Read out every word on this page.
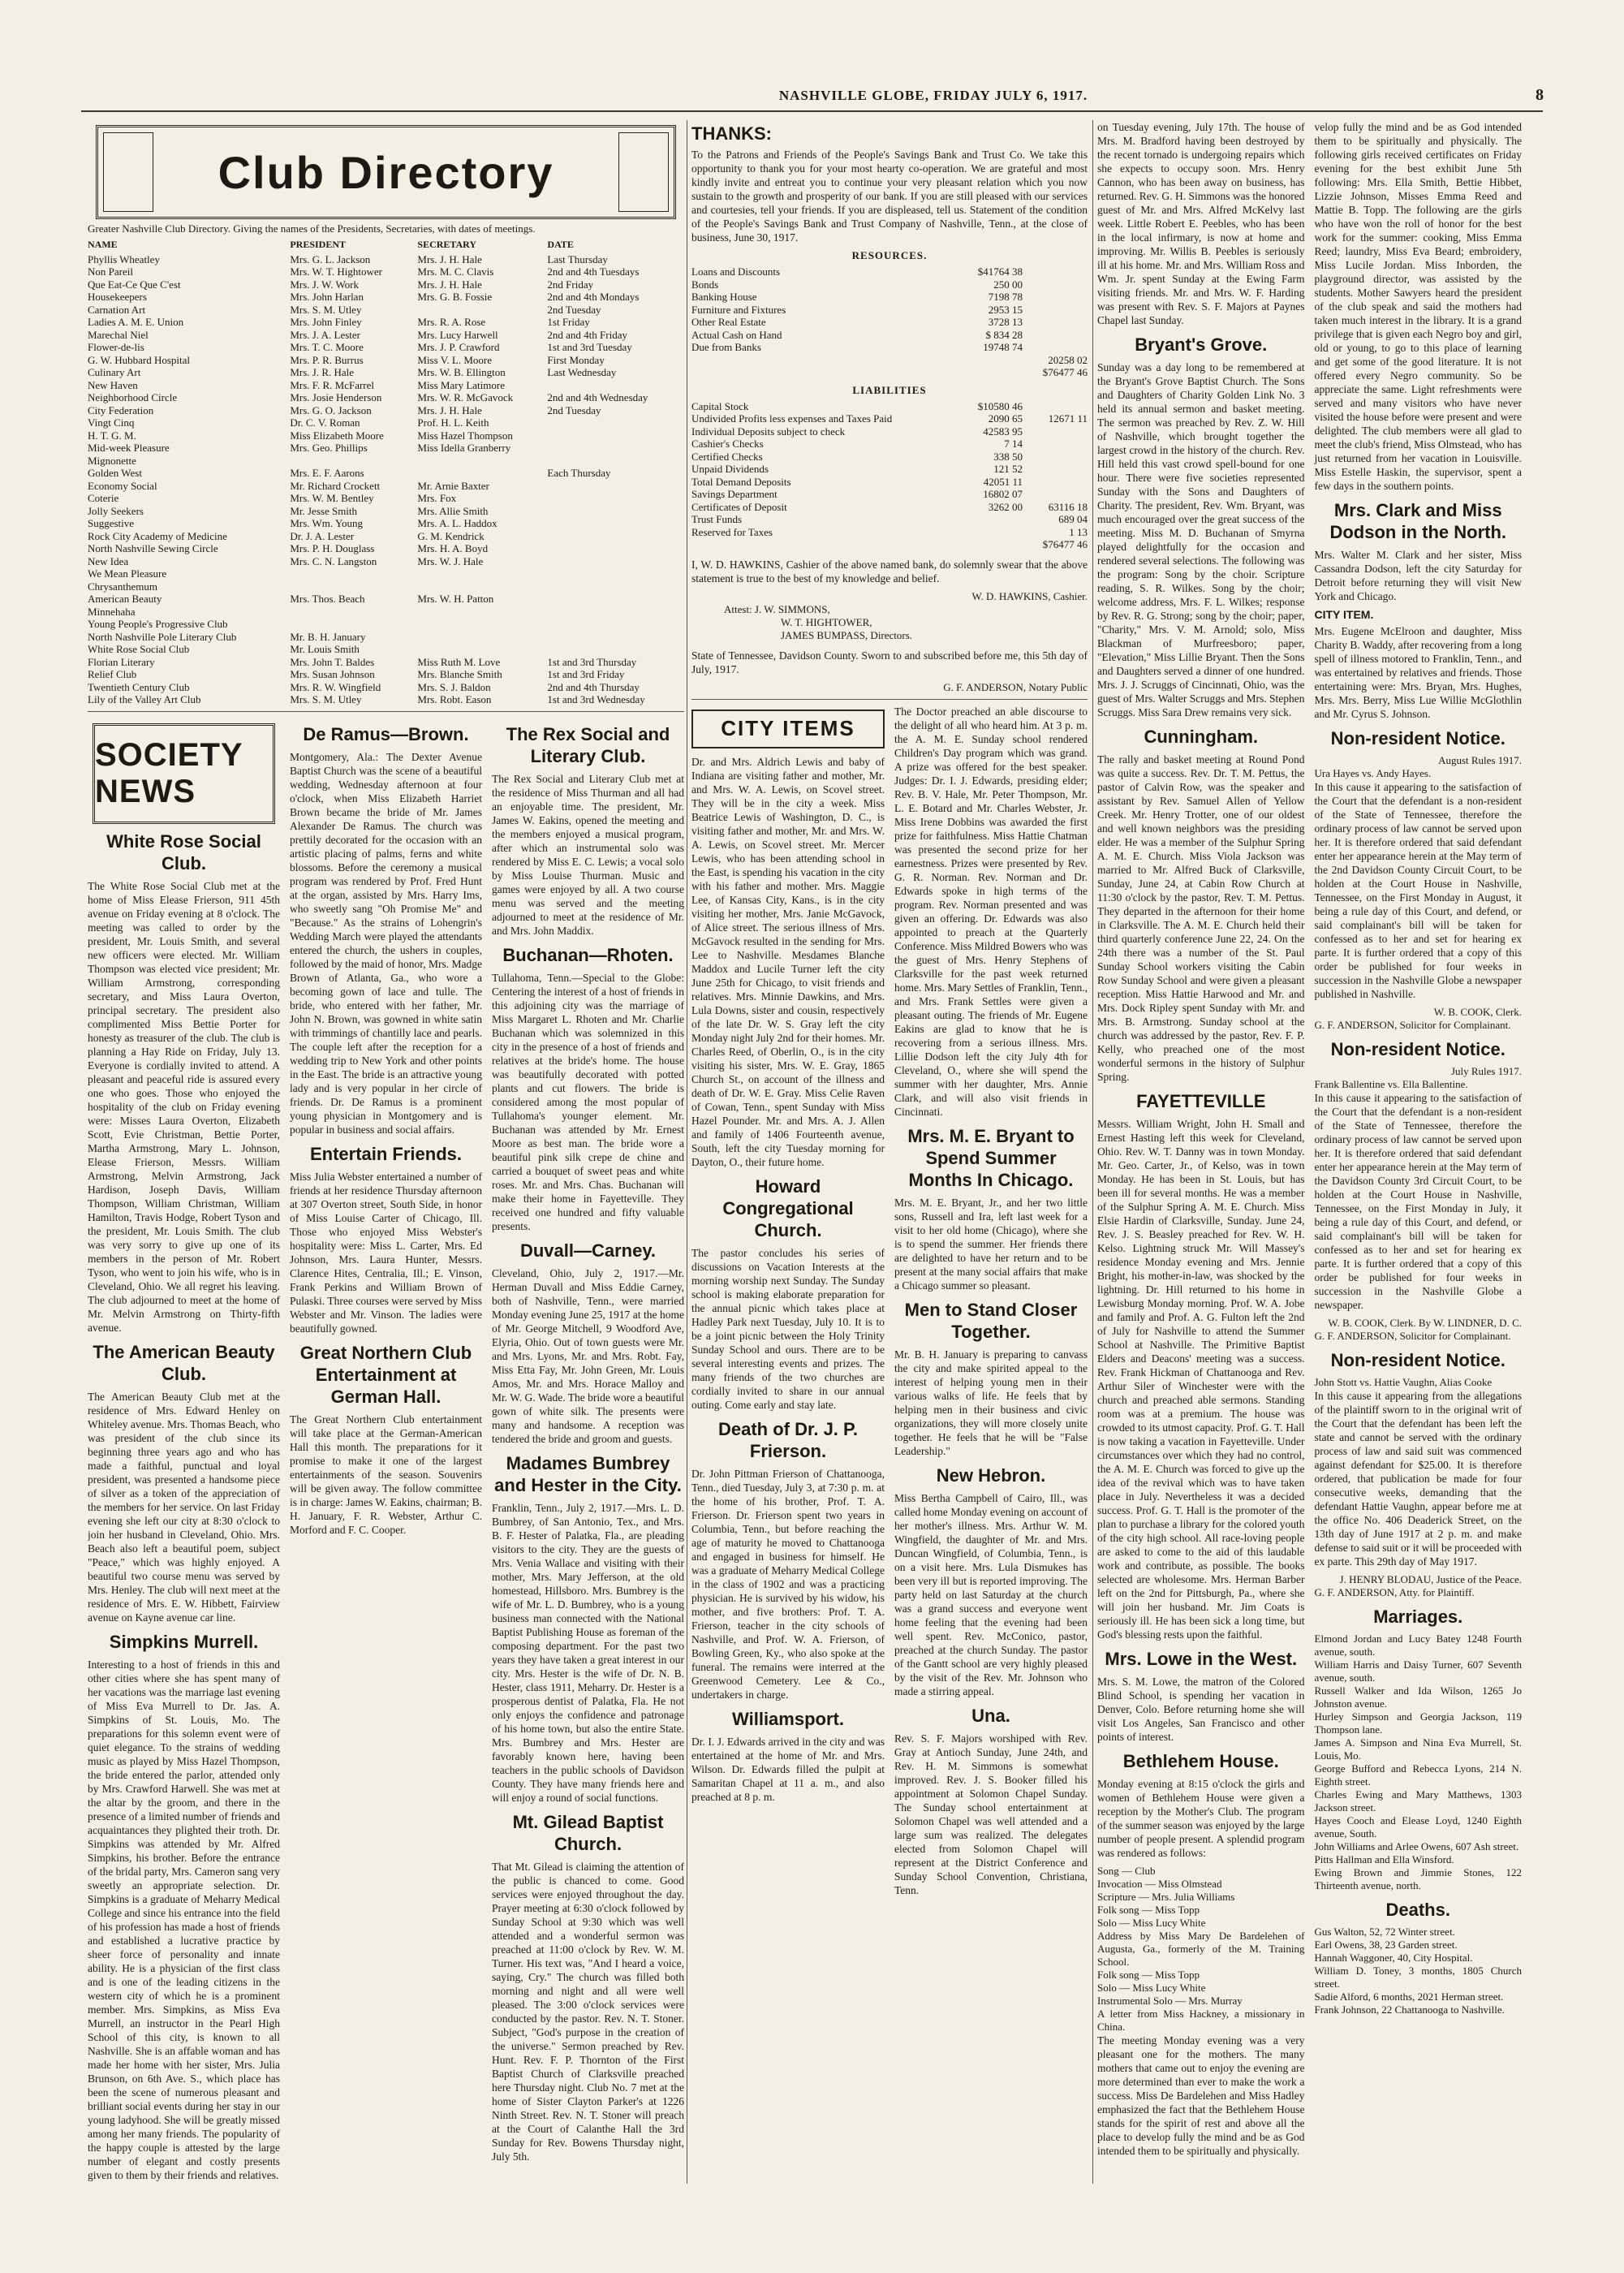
NASHVILLE GLOBE, FRIDAY JULY 6, 1917.	8
Club Directory

Greater Nashville Club Directory. Giving the names of the Presidents, Secretaries, with dates of meetings.

NAME	PRESIDENT	SECRETARY	DATE
Phyllis Wheatley	Mrs. G. L. Jackson	Mrs. J. H. Hale	Last Thursday
Non Pareil	Mrs. W. T. Hightower	Mrs. M. C. Clavis	2nd and 4th Tuesdays
Que Eat-Ce Que C'est	Mrs. J. W. Work	Mrs. J. H. Hale	2nd Friday
Housekeepers	Mrs. John Harlan	Mrs. G. B. Fossie	2nd and 4th Mondays
Carnation Art	Mrs. S. M. Utley		2nd Tuesday
Ladies A. M. E. Union	Mrs. John Finley	Mrs. R. A. Rose	1st Friday
Marechal Niel	Mrs. J. A. Lester	Mrs. Lucy Harwell	2nd and 4th Friday
Flower-de-lis	Mrs. T. C. Moore	Mrs. J. P. Crawford	1st and 3rd Tuesday
G. W. Hubbard Hospital	Mrs. P. R. Burrus	Miss V. L. Moore	First Monday
Culinary Art	Mrs. J. R. Hale	Mrs. W. B. Ellington	Last Wednesday
New Haven	Mrs. F. R. McFarrel	Miss Mary Latimore	
Neighborhood Circle	Mrs. Josie Henderson	Mrs. W. R. McGavock	2nd and 4th Wednesday
City Federation	Mrs. G. O. Jackson	Mrs. J. H. Hale	2nd Tuesday
Vingt Cinq	Dr. C. V. Roman	Prof. H. L. Keith	
H. T. G. M.	Miss Elizabeth Moore	Miss Hazel Thompson	
Mid-week Pleasure	Mrs. Geo. Phillips	Miss Idella Granberry	
Mignonette			
Golden West	Mrs. E. F. Aarons		Each Thursday
Economy Social	Mr. Richard Crockett	Mr. Arnie Baxter	
Coterie	Mrs. W. M. Bentley	Mrs. Fox	
Jolly Seekers	Mr. Jesse Smith	Mrs. Allie Smith	
Suggestive	Mrs. Wm. Young	Mrs. A. L. Haddox	
Rock City Academy of Medicine	Dr. J. A. Lester	G. M. Kendrick	
North Nashville Sewing Circle	Mrs. P. H. Douglass	Mrs. H. A. Boyd	
New Idea	Mrs. C. N. Langston	Mrs. W. J. Hale	
We Mean Pleasure			
Chrysanthemum			
American Beauty	Mrs. Thos. Beach	Mrs. W. H. Patton	
Minnehaha			
Young People's Progressive Club			
North Nashville Pole Literary Club	Mr. B. H. January		
White Rose Social Club	Mr. Louis Smith		
Florian Literary	Mrs. John T. Baldes	Miss Ruth M. Love	1st and 3rd Thursday
Relief Club	Mrs. Susan Johnson	Mrs. Blanche Smith	1st and 3rd Friday
Twentieth Century Club	Mrs. R. W. Wingfield	Mrs. S. J. Baldon	2nd and 4th Thursday
Lily of the Valley Art Club	Mrs. S. M. Utley	Mrs. Robt. Eason	1st and 3rd Wednesday
SOCIETY NEWS
White Rose Social Club.

The White Rose Social Club met at the home of Miss Elease Frierson, 911 45th avenue on Friday evening at 8 o'clock. The meeting was called to order by the president, Mr. Louis Smith, and several new officers were elected. Mr. William Thompson was elected vice president; Mr. William Armstrong, corresponding secretary, and Miss Laura Overton, principal secretary. The president also complimented Miss Bettie Porter for honesty as treasurer of the club. The club is planning a Hay Ride on Friday, July 13. Everyone is cordially invited to attend. A pleasant and peaceful ride is assured every one who goes. Those who enjoyed the hospitality of the club on Friday evening were: Misses Laura Overton, Elizabeth Scott, Evie Christman, Bettie Porter, Martha Armstrong, Mary L. Johnson, Elease Frierson, Messrs. William Armstrong, Melvin Armstrong, Jack Hardison, Joseph Davis, William Thompson, William Christman, William Hamilton, Travis Hodge, Robert Tyson and the president, Mr. Louis Smith. The club was very sorry to give up one of its members in the person of Mr. Robert Tyson, who went to join his wife, who is in Cleveland, Ohio. We all regret his leaving. The club adjourned to meet at the home of Mr. Melvin Armstrong on Thirty-fifth avenue.

The American Beauty Club.

The American Beauty Club met at the residence of Mrs. Edward Henley on Whiteley avenue. Mrs. Thomas Beach, who was president of the club since its beginning three years ago and who has made a faithful, punctual and loyal president, was presented a handsome piece of silver as a token of the appreciation of the members for her service. On last Friday evening she left our city at 8:30 o'clock to join her husband in Cleveland, Ohio. Mrs. Beach also left a beautiful poem, subject "Peace," which was highly enjoyed. A beautiful two course menu was served by Mrs. Henley. The club will next meet at the residence of Mrs. E. W. Hibbett, Fairview avenue on Kayne avenue car line.

Simpkins Murrell.

Interesting to a host of friends in this and other cities where she has spent many of her vacations was the marriage last evening of Miss Eva Murrell to Dr. Jas. A. Simpkins of St. Louis, Mo. The preparations for this solemn event were of quiet elegance. To the strains of wedding music as played by Miss Hazel Thompson, the bride entered the parlor, attended only by Mrs. Crawford Harwell. She was met at the altar by the groom, and there in the presence of a limited number of friends and acquaintances they plighted their troth. Dr. Simpkins was attended by Mr. Alfred Simpkins, his brother. Before the entrance of the bridal party, Mrs. Cameron sang very sweetly an appropriate selection. Dr. Simpkins is a graduate of Meharry Medical College and since his entrance into the field of his profession has made a host of friends and established a lucrative practice by sheer force of personality and innate ability. He is a physician of the first class and is one of the leading citizens in the western city of which he is a prominent member. Mrs. Simpkins, as Miss Eva Murrell, an instructor in the Pearl High School of this city, is known to all Nashville. She is an affable woman and has made her home with her sister, Mrs. Julia Brunson, on 6th Ave. S., which place has been the scene of numerous pleasant and brilliant social events during her stay in our young ladyhood. She will be greatly missed among her many friends. The popularity of the happy couple is attested by the large number of elegant and costly presents given to them by their friends and relatives.

De Ramus—Brown.

Montgomery, Ala.: The Dexter Avenue Baptist Church was the scene of a beautiful wedding, Wednesday afternoon at four o'clock, when Miss Elizabeth Harriet Brown became the bride of Mr. James Alexander De Ramus. The church was prettily decorated for the occasion with an artistic placing of palms, ferns and white blossoms. Before the ceremony a musical program was rendered by Prof. Fred Hunt at the organ, assisted by Mrs. Harry Ims, who sweetly sang "Oh Promise Me" and "Because." As the strains of Lohengrin's Wedding March were played the attendants entered the church, the ushers in couples, followed by the maid of honor, Mrs. Madge Brown of Atlanta, Ga., who wore a becoming gown of lace and tulle. The bride, who entered with her father, Mr. John N. Brown, was gowned in white satin with trimmings of chantilly lace and pearls. The couple left after the reception for a wedding trip to New York and other points in the East. The bride is an attractive young lady and is very popular in her circle of friends. Dr. De Ramus is a prominent young physician in Montgomery and is popular in business and social affairs.

Entertain Friends.

Miss Julia Webster entertained a number of friends at her residence Thursday afternoon at 307 Overton street, South Side, in honor of Miss Louise Carter of Chicago, Ill. Those who enjoyed Miss Webster's hospitality were: Miss L. Carter, Mrs. Ed Johnson, Mrs. Laura Hunter, Messrs. Clarence Hites, Centralia, Ill.; E. Vinson, Frank Perkins and William Brown of Pulaski. Three courses were served by Miss Webster and Mr. Vinson. The ladies were beautifully gowned.

Great Northern Club Entertainment at German Hall.

The Great Northern Club entertainment will take place at the German-American Hall this month. The preparations for it promise to make it one of the largest entertainments of the season. Souvenirs will be given away. The follow committee is in charge: James W. Eakins, chairman; B. H. January, F. R. Webster, Arthur C. Morford and F. C. Cooper.

The Rex Social and Literary Club.

The Rex Social and Literary Club met at the residence of Miss Thurman and all had an enjoyable time. The president, Mr. James W. Eakins, opened the meeting and the members enjoyed a musical program, after which an instrumental solo was rendered by Miss E. C. Lewis; a vocal solo by Miss Louise Thurman. Music and games were enjoyed by all. A two course menu was served and the meeting adjourned to meet at the residence of Mr. and Mrs. John Maddix.

Buchanan—Rhoten.

Tullahoma, Tenn.—Special to the Globe: Centering the interest of a host of friends in this adjoining city was the marriage of Miss Margaret L. Rhoten and Mr. Charlie Buchanan which was solemnized in this city in the presence of a host of friends and relatives at the bride's home. The house was beautifully decorated with potted plants and cut flowers. The bride is considered among the most popular of Tullahoma's younger element. Mr. Buchanan was attended by Mr. Ernest Moore as best man. The bride wore a beautiful pink silk crepe de chine and carried a bouquet of sweet peas and white roses. Mr. and Mrs. Chas. Buchanan will make their home in Fayetteville. They received one hundred and fifty valuable presents.

Duvall—Carney.

Cleveland, Ohio, July 2, 1917.—Mr. Herman Duvall and Miss Eddie Carney, both of Nashville, Tenn., were married Monday evening June 25, 1917 at the home of Mr. George Mitchell, 9 Woodford Ave, Elyria, Ohio. Out of town guests were Mr. and Mrs. Lyons, Mr. and Mrs. Robt. Fay, Miss Etta Fay, Mr. John Green, Mr. Louis Amos, Mr. and Mrs. Horace Malloy and Mr. W. G. Wade. The bride wore a beautiful gown of white silk. The presents were many and handsome. A reception was tendered the bride and groom and guests.

Madames Bumbrey and Hester in the City.

Franklin, Tenn., July 2, 1917.—Mrs. L. D. Bumbrey, of San Antonio, Tex., and Mrs. B. F. Hester of Palatka, Fla., are pleading visitors to the city. They are the guests of Mrs. Venia Wallace and visiting with their mother, Mrs. Mary Jefferson, at the old homestead, Hillsboro. Mrs. Bumbrey is the wife of Mr. L. D. Bumbrey, who is a young business man connected with the National Baptist Publishing House as foreman of the composing department. For the past two years they have taken a great interest in our city. Mrs. Hester is the wife of Dr. N. B. Hester, class 1911, Meharry. Dr. Hester is a prosperous dentist of Palatka, Fla. He not only enjoys the confidence and patronage of his home town, but also the entire State. Mrs. Bumbrey and Mrs. Hester are favorably known here, having been teachers in the public schools of Davidson County. They have many friends here and will enjoy a round of social functions.

Mt. Gilead Baptist Church.

That Mt. Gilead is claiming the attention of the public is chanced to come. Good services were enjoyed throughout the day. Prayer meeting at 6:30 o'clock followed by Sunday School at 9:30 which was well attended and a wonderful sermon was preached at 11:00 o'clock by Rev. W. M. Turner. His text was, "And I heard a voice, saying, Cry." The church was filled both morning and night and all were well pleased. The 3:00 o'clock services were conducted by the pastor. Rev. N. T. Stoner. Subject, "God's purpose in the creation of the universe." Sermon preached by Rev. Hunt. Rev. F. P. Thornton of the First Baptist Church of Clarksville preached here Thursday night. Club No. 7 met at the home of Sister Clayton Parker's at 1226 Ninth Street. Rev. N. T. Stoner will preach at the Court of Calanthe Hall the 3rd Sunday for Rev. Bowens Thursday night, July 5th.

THANKS:

To the Patrons and Friends of the People's Savings Bank and Trust Co. We take this opportunity to thank you for your most hearty co-operation. We are grateful and most kindly invite and entreat you to continue your very pleasant relation which you now sustain to the growth and prosperity of our bank. If you are still pleased with our services and courtesies, tell your friends. If you are displeased, tell us. Statement of the condition of the People's Savings Bank and Trust Company of Nashville, Tenn., at the close of business, June 30, 1917.

RESOURCES.
Loans and Discounts	$41764 38	
Bonds	250 00	
Banking House	7198 78	
Furniture and Fixtures	2953 15	
Other Real Estate	3728 13	
Actual Cash on Hand	$ 834 28	
Due from Banks	19748 74	
		20258 02
		$76477 46
LIABILITIES
Capital Stock	$10580 46	
Undivided Profits less expenses and Taxes Paid	2090 65	12671 11
Individual Deposits subject to check	42583 95	
Cashier's Checks	7 14	
Certified Checks	338 50	
Unpaid Dividends	121 52	
Total Demand Deposits	42051 11	
Savings Department	16802 07	
Certificates of Deposit	3262 00	63116 18
Trust Funds		689 04
Reserved for Taxes		1 13
		$76477 46

I, W. D. HAWKINS, Cashier of the above named bank, do solemnly swear that the above statement is true to the best of my knowledge and belief.

W. D. HAWKINS, Cashier.

Attest: J. W. SIMMONS,

W. T. HIGHTOWER,

JAMES BUMPASS, Directors.

State of Tennessee, Davidson County. Sworn to and subscribed before me, this 5th day of July, 1917.

G. F. ANDERSON, Notary Public

CITY ITEMS

Dr. and Mrs. Aldrich Lewis and baby of Indiana are visiting father and mother, Mr. and Mrs. W. A. Lewis, on Scovel street. They will be in the city a week. Miss Beatrice Lewis of Washington, D. C., is visiting father and mother, Mr. and Mrs. W. A. Lewis, on Scovel street. Mr. Mercer Lewis, who has been attending school in the East, is spending his vacation in the city with his father and mother. Mrs. Maggie Lee, of Kansas City, Kans., is in the city visiting her mother, Mrs. Janie McGavock, of Alice street. The serious illness of Mrs. McGavock resulted in the sending for Mrs. Lee to Nashville. Mesdames Blanche Maddox and Lucile Turner left the city June 25th for Chicago, to visit friends and relatives. Mrs. Minnie Dawkins, and Mrs. Lula Downs, sister and cousin, respectively of the late Dr. W. S. Gray left the city Monday night July 2nd for their homes. Mr. Charles Reed, of Oberlin, O., is in the city visiting his sister, Mrs. W. E. Gray, 1865 Church St., on account of the illness and death of Dr. W. E. Gray. Miss Celie Raven of Cowan, Tenn., spent Sunday with Miss Hazel Pounder. Mr. and Mrs. A. J. Allen and family of 1406 Fourteenth avenue, South, left the city Tuesday morning for Dayton, O., their future home.

Howard Congregational Church.

The pastor concludes his series of discussions on Vacation Interests at the morning worship next Sunday. The Sunday school is making elaborate preparation for the annual picnic which takes place at Hadley Park next Tuesday, July 10. It is to be a joint picnic between the Holy Trinity Sunday School and ours. There are to be several interesting events and prizes. The many friends of the two churches are cordially invited to share in our annual outing. Come early and stay late.

Death of Dr. J. P. Frierson.

Dr. John Pittman Frierson of Chattanooga, Tenn., died Tuesday, July 3, at 7:30 p. m. at the home of his brother, Prof. T. A. Frierson. Dr. Frierson spent two years in Columbia, Tenn., but before reaching the age of maturity he moved to Chattanooga and engaged in business for himself. He was a graduate of Meharry Medical College in the class of 1902 and was a practicing physician. He is survived by his widow, his mother, and five brothers: Prof. T. A. Frierson, teacher in the city schools of Nashville, and Prof. W. A. Frierson, of Bowling Green, Ky., who also spoke at the funeral. The remains were interred at the Greenwood Cemetery. Lee & Co., undertakers in charge.

Williamsport.

Dr. I. J. Edwards arrived in the city and was entertained at the home of Mr. and Mrs. Wilson. Dr. Edwards filled the pulpit at Samaritan Chapel at 11 a. m., and also preached at 8 p. m.

The Doctor preached an able discourse to the delight of all who heard him. At 3 p. m. the A. M. E. Sunday school rendered Children's Day program which was grand. A prize was offered for the best speaker. Judges: Dr. I. J. Edwards, presiding elder; Rev. B. V. Hale, Mr. Peter Thompson, Mr. L. E. Botard and Mr. Charles Webster, Jr. Miss Irene Dobbins was awarded the first prize for faithfulness. Miss Hattie Chatman was presented the second prize for her earnestness. Prizes were presented by Rev. G. R. Norman. Rev. Norman and Dr. Edwards spoke in high terms of the program. Rev. Norman presented and was given an offering. Dr. Edwards was also appointed to preach at the Quarterly Conference. Miss Mildred Bowers who was the guest of Mrs. Henry Stephens of Clarksville for the past week returned home. Mrs. Mary Settles of Franklin, Tenn., and Mrs. Frank Settles were given a pleasant outing. The friends of Mr. Eugene Eakins are glad to know that he is recovering from a serious illness. Mrs. Lillie Dodson left the city July 4th for Cleveland, O., where she will spend the summer with her daughter, Mrs. Annie Clark, and will also visit friends in Cincinnati.

Mrs. M. E. Bryant to Spend Summer Months In Chicago.

Mrs. M. E. Bryant, Jr., and her two little sons, Russell and Ira, left last week for a visit to her old home (Chicago), where she is to spend the summer. Her friends there are delighted to have her return and to be present at the many social affairs that make a Chicago summer so pleasant.

Men to Stand Closer Together.

Mr. B. H. January is preparing to canvass the city and make spirited appeal to the interest of helping young men in their various walks of life. He feels that by helping men in their business and civic organizations, they will more closely unite together. He feels that he will be "False Leadership."

New Hebron.

Miss Bertha Campbell of Cairo, Ill., was called home Monday evening on account of her mother's illness. Mrs. Arthur W. M. Wingfield, the daughter of Mr. and Mrs. Duncan Wingfield, of Columbia, Tenn., is on a visit here. Mrs. Lula Dismukes has been very ill but is reported improving. The party held on last Saturday at the church was a grand success and everyone went home feeling that the evening had been well spent. Rev. McConico, pastor, preached at the church Sunday. The pastor of the Gantt school are very highly pleased by the visit of the Rev. Mr. Johnson who made a stirring appeal.

Una.

Rev. S. F. Majors worshiped with Rev. Gray at Antioch Sunday, June 24th, and Rev. H. M. Simmons is somewhat improved. Rev. J. S. Booker filled his appointment at Solomon Chapel Sunday. The Sunday school entertainment at Solomon Chapel was well attended and a large sum was realized. The delegates elected from Solomon Chapel will represent at the District Conference and Sunday School Convention, Christiana, Tenn.

on Tuesday evening, July 17th. The house of Mrs. M. Bradford having been destroyed by the recent tornado is undergoing repairs which she expects to occupy soon. Mrs. Henry Cannon, who has been away on business, has returned. Rev. G. H. Simmons was the honored guest of Mr. and Mrs. Alfred McKelvy last week. Little Robert E. Peebles, who has been in the local infirmary, is now at home and improving. Mr. Willis B. Peebles is seriously ill at his home. Mr. and Mrs. William Ross and Wm. Jr. spent Sunday at the Ewing Farm visiting friends. Mr. and Mrs. W. F. Harding was present with Rev. S. F. Majors at Paynes Chapel last Sunday.

Bryant's Grove.

Sunday was a day long to be remembered at the Bryant's Grove Baptist Church. The Sons and Daughters of Charity Golden Link No. 3 held its annual sermon and basket meeting. The sermon was preached by Rev. Z. W. Hill of Nashville, which brought together the largest crowd in the history of the church. Rev. Hill held this vast crowd spell-bound for one hour. There were five societies represented Sunday with the Sons and Daughters of Charity. The president, Rev. Wm. Bryant, was much encouraged over the great success of the meeting. Miss M. D. Buchanan of Smyrna played delightfully for the occasion and rendered several selections. The following was the program: Song by the choir. Scripture reading, S. R. Wilkes. Song by the choir; welcome address, Mrs. F. L. Wilkes; response by Rev. R. G. Strong; song by the choir; paper, "Charity," Mrs. V. M. Arnold; solo, Miss Blackman of Murfreesboro; paper, "Elevation," Miss Lillie Bryant. Then the Sons and Daughters served a dinner of one hundred. Mrs. J. J. Scruggs of Cincinnati, Ohio, was the guest of Mrs. Walter Scruggs and Mrs. Stephen Scruggs. Miss Sara Drew remains very sick.

Cunningham.

The rally and basket meeting at Round Pond was quite a success. Rev. Dr. T. M. Pettus, the pastor of Calvin Row, was the speaker and assistant by Rev. Samuel Allen of Yellow Creek. Mr. Henry Trotter, one of our oldest and well known neighbors was the presiding elder. He was a member of the Sulphur Spring A. M. E. Church. Miss Viola Jackson was married to Mr. Alfred Buck of Clarksville, Sunday, June 24, at Cabin Row Church at 11:30 o'clock by the pastor, Rev. T. M. Pettus. They departed in the afternoon for their home in Clarksville. The A. M. E. Church held their third quarterly conference June 22, 24. On the 24th there was a number of the St. Paul Sunday School workers visiting the Cabin Row Sunday School and were given a pleasant reception. Miss Hattie Harwood and Mr. and Mrs. Dock Ripley spent Sunday with Mr. and Mrs. B. Armstrong. Sunday school at the church was addressed by the pastor, Rev. F. P. Kelly, who preached one of the most wonderful sermons in the history of Sulphur Spring.

FAYETTEVILLE

Messrs. William Wright, John H. Small and Ernest Hasting left this week for Cleveland, Ohio. Rev. W. T. Danny was in town Monday. Mr. Geo. Carter, Jr., of Kelso, was in town Monday. He has been in St. Louis, but has been ill for several months. He was a member of the Sulphur Spring A. M. E. Church. Miss Elsie Hardin of Clarksville, Sunday. June 24, Rev. J. S. Beasley preached for Rev. W. H. Kelso. Lightning struck Mr. Will Massey's residence Monday evening and Mrs. Jennie Bright, his mother-in-law, was shocked by the lightning. Dr. Hill returned to his home in Lewisburg Monday morning. Prof. W. A. Jobe and family and Prof. A. G. Fulton left the 2nd of July for Nashville to attend the Summer School at Nashville. The Primitive Baptist Elders and Deacons' meeting was a success. Rev. Frank Hickman of Chattanooga and Rev. Arthur Siler of Winchester were with the church and preached able sermons. Standing room was at a premium. The house was crowded to its utmost capacity. Prof. G. T. Hall is now taking a vacation in Fayetteville. Under circumstances over which they had no control, the A. M. E. Church was forced to give up the idea of the revival which was to have taken place in July. Nevertheless it was a decided success. Prof. G. T. Hall is the promoter of the plan to purchase a library for the colored youth of the city high school. All race-loving people are asked to come to the aid of this laudable work and contribute, as possible. The books selected are wholesome. Mrs. Herman Barber left on the 2nd for Pittsburgh, Pa., where she will join her husband. Mr. Jim Coats is seriously ill. He has been sick a long time, but God's blessing rests upon the faithful.

Mrs. Lowe in the West.

Mrs. S. M. Lowe, the matron of the Colored Blind School, is spending her vacation in Denver, Colo. Before returning home she will visit Los Angeles, San Francisco and other points of interest.

Bethlehem House.

Monday evening at 8:15 o'clock the girls and women of Bethlehem House were given a reception by the Mother's Club. The program of the summer season was enjoyed by the large number of people present. A splendid program was rendered as follows:

Song — Club

Invocation — Miss Olmstead

Scripture — Mrs. Julia Williams

Folk song — Miss Topp

Solo — Miss Lucy White

Address by Miss Mary De Bardelehen of Augusta, Ga., formerly of the M. Training School.

Folk song — Miss Topp

Solo — Miss Lucy White

Instrumental Solo — Mrs. Murray

A letter from Miss Hackney, a missionary in China.

The meeting Monday evening was a very pleasant one for the mothers. The many mothers that came out to enjoy the evening are more determined than ever to make the work a success. Miss De Bardelehen and Miss Hadley emphasized the fact that the Bethlehem House stands for the spirit of rest and above all the place to develop fully the mind and be as God intended them to be spiritually and physically.

velop fully the mind and be as God intended them to be spiritually and physically. The following girls received certificates on Friday evening for the best exhibit June 5th following: Mrs. Ella Smith, Bettie Hibbet, Lizzie Johnson, Misses Emma Reed and Mattie B. Topp. The following are the girls who have won the roll of honor for the best work for the summer: cooking, Miss Emma Reed; laundry, Miss Eva Beard; embroidery, Miss Lucile Jordan. Miss Inborden, the playground director, was assisted by the students. Mother Sawyers heard the president of the club speak and said the mothers had taken much interest in the library. It is a grand privilege that is given each Negro boy and girl, old or young, to go to this place of learning and get some of the good literature. It is not offered every Negro community. So be appreciate the same. Light refreshments were served and many visitors who have never visited the house before were present and were delighted. The club members were all glad to meet the club's friend, Miss Olmstead, who has just returned from her vacation in Louisville. Miss Estelle Haskin, the supervisor, spent a few days in the southern points.

Mrs. Clark and Miss Dodson in the North.

Mrs. Walter M. Clark and her sister, Miss Cassandra Dodson, left the city Saturday for Detroit before returning they will visit New York and Chicago.

CITY ITEM.

Mrs. Eugene McElroon and daughter, Miss Charity B. Waddy, after recovering from a long spell of illness motored to Franklin, Tenn., and was entertained by relatives and friends. Those entertaining were: Mrs. Bryan, Mrs. Hughes, Mrs. Mrs. Berry, Miss Lue Willie McGlothlin and Mr. Cyrus S. Johnson.

Non-resident Notice.

August Rules 1917.

Ura Hayes vs. Andy Hayes.

In this cause it appearing to the satisfaction of the Court that the defendant is a non-resident of the State of Tennessee, therefore the ordinary process of law cannot be served upon her. It is therefore ordered that said defendant enter her appearance herein at the May term of the 2nd Davidson County Circuit Court, to be holden at the Court House in Nashville, Tennessee, on the First Monday in August, it being a rule day of this Court, and defend, or said complainant's bill will be taken for confessed as to her and set for hearing ex parte. It is further ordered that a copy of this order be published for four weeks in succession in the Nashville Globe a newspaper published in Nashville.

W. B. COOK, Clerk.

G. F. ANDERSON, Solicitor for Complainant.

Non-resident Notice.

July Rules 1917.

Frank Ballentine vs. Ella Ballentine.

In this cause it appearing to the satisfaction of the Court that the defendant is a non-resident of the State of Tennessee, therefore the ordinary process of law cannot be served upon her. It is therefore ordered that said defendant enter her appearance herein at the May term of the Davidson County 3rd Circuit Court, to be holden at the Court House in Nashville, Tennessee, on the First Monday in July, it being a rule day of this Court, and defend, or said complainant's bill will be taken for confessed as to her and set for hearing ex parte. It is further ordered that a copy of this order be published for four weeks in succession in the Nashville Globe a newspaper.

W. B. COOK, Clerk. By W. LINDNER, D. C.

G. F. ANDERSON, Solicitor for Complainant.

Non-resident Notice.

John Stott vs. Hattie Vaughn, Alias Cooke

In this cause it appearing from the allegations of the plaintiff sworn to in the original writ of the Court that the defendant has been left the state and cannot be served with the ordinary process of law and said suit was commenced against defendant for $25.00. It is therefore ordered, that publication be made for four consecutive weeks, demanding that the defendant Hattie Vaughn, appear before me at the office No. 406 Deaderick Street, on the 13th day of June 1917 at 2 p. m. and make defense to said suit or it will be proceeded with ex parte. This 29th day of May 1917.

J. HENRY BLODAU, Justice of the Peace.

G. F. ANDERSON, Atty. for Plaintiff.

Marriages.

Elmond Jordan and Lucy Batey 1248 Fourth avenue, south.

William Harris and Daisy Turner, 607 Seventh avenue, south.

Russell Walker and Ida Wilson, 1265 Jo Johnston avenue.

Hurley Simpson and Georgia Jackson, 119 Thompson lane.

James A. Simpson and Nina Eva Murrell, St. Louis, Mo.

George Bufford and Rebecca Lyons, 214 N. Eighth street.

Charles Ewing and Mary Matthews, 1303 Jackson street.

Hayes Cooch and Elease Loyd, 1240 Eighth avenue, South.

John Williams and Arlee Owens, 607 Ash street.

Pitts Hallman and Ella Winsford.

Ewing Brown and Jimmie Stones, 122 Thirteenth avenue, north.

Deaths.

Gus Walton, 52, 72 Winter street.

Earl Owens, 38, 23 Garden street.

Hannah Waggoner, 40, City Hospital.

William D. Toney, 3 months, 1805 Church street.

Sadie Alford, 6 months, 2021 Herman street.

Frank Johnson, 22 Chattanooga to Nashville.
